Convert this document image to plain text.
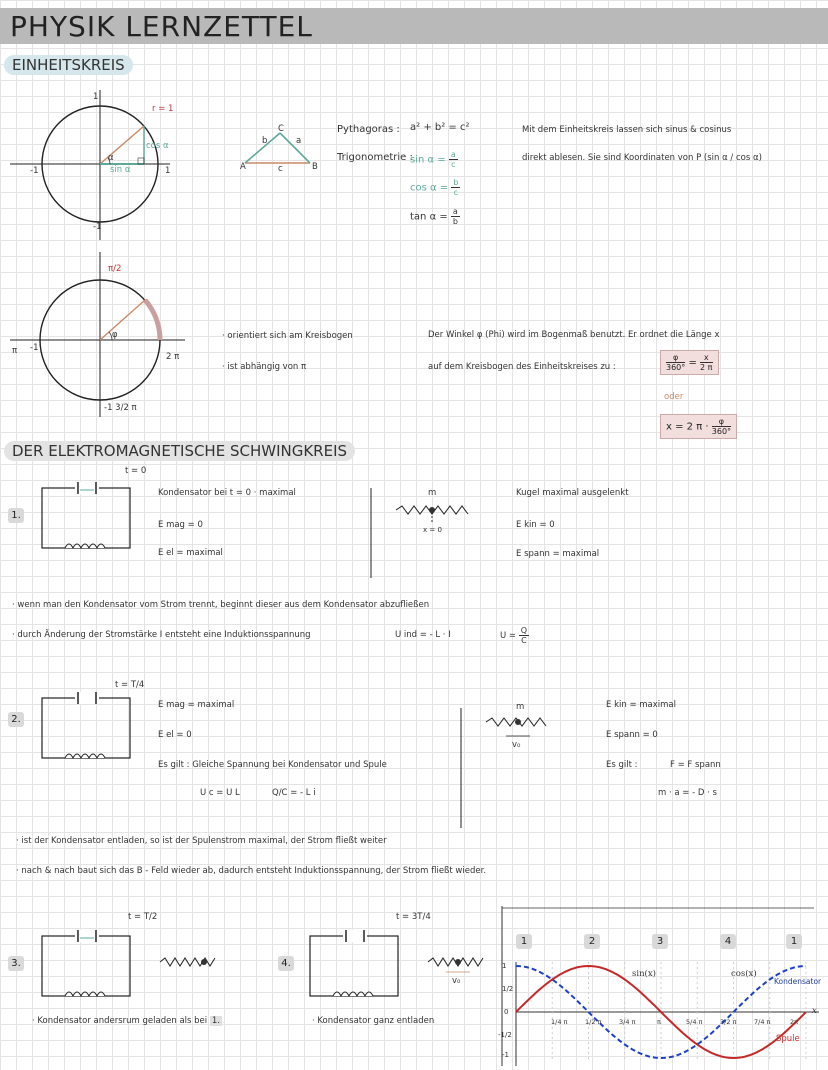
PHYSIK LERNZETTEL
EINHEITSKREIS
r = 1
cos α
sin α	1
-1
1
-1
α
C
A	B
b	a
c
Pythagoras : a² + b² = c²
Trigonometrie :
$\sin \alpha = \frac{a}{c}$
$\cos \alpha = \frac{b}{c}$
$\tan \alpha = \frac{a}{b}$
Mit dem Einheitskreis lassen sich sinus & cosinus
direkt ablesen. Sie sind Koordinaten von P (sin α / cos α)
π/2
π -1
2 π
-1 3/2 π
φ	· orientiert sich am Kreisbogen
· ist abhängig von π
Der Winkel φ (Phi) wird im Bogenmaß benutzt. Er ordnet die Länge x
auf dem Kreisbogen des Einheitskreises zu :	$\frac{\varphi}{360^\circ} = \frac{x}{2 \pi}$
oder
x = 2 $\pi \cdot \frac{\varphi}{360^\circ}$
DER ELEKTROMAGNETISCHE SCHWINGKREIS
1.
t = 0
Kondensator bei t = 0 · maximal
E mag = 0
E el = maximal
m
x = 0
Kugel maximal ausgelenkt
E kin = 0
E spann = maximal
· wenn man den Kondensator vom Strom trennt, beginnt dieser aus dem Kondensator abzufließen
· durch Änderung der Stromstärke I entsteht eine Induktionsspannung	U ind = - L · I	$U = \frac{Q}{C}$
2.
t = T/4
E mag = maximal
E el = 0
Es gilt : Gleiche Spannung bei Kondensator und Spule
U c = U L	Q/C = - L i
m
v₀
E kin = maximal
E spann = 0
Es gilt :	F = F spann
m · a = - D · s
· ist der Kondensator entladen, so ist der Spulenstrom maximal, der Strom fließt weiter
· nach & nach baut sich das B - Feld wieder ab, dadurch entsteht Induktionsspannung, der Strom fließt wieder.
3.
t = T/2
· Kondensator andersrum geladen als bei 1.
4.
t = 3T/4
v₀
· Kondensator ganz entladen
1	2	3	4	1
sin(x)	cos(x)
Kondensator
Spule
x
1
1/2
0
-1/2
-1
1/4 π	1/2 π	3/4 π	π	5/4 π	3/2 π	7/4 π	2π
